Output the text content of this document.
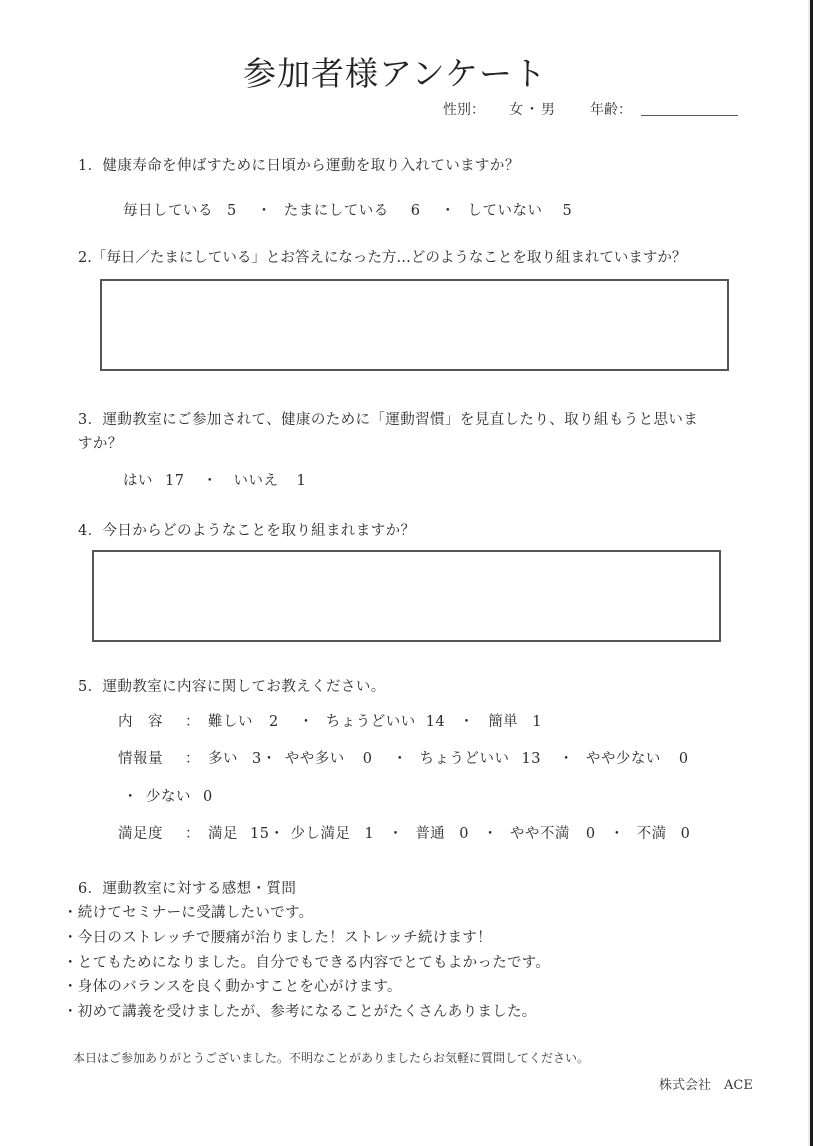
参加者様アンケート
性別： 女・男 年齢：
1．健康寿命を伸ばすために日頃から運動を取り入れていますか？
毎日している 5 ・ たまにしている 6 ・ していない 5
2.「毎日／たまにしている」とお答えになった方…どのようなことを取り組まれていますか？
3．運動教室にご参加されて、健康のために「運動習慣」を見直したり、取り組もうと思いま
すか？
はい 17 ・ いいえ 1
4．今日からどのようなことを取り組まれますか？
5．運動教室に内容に関してお教えください。
内　容 ： 難しい 2 ・ ちょうどいい 14 ・ 簡単 1
情報量 ： 多い 3・ やや多い 0 ・ ちょうどいい 13 ・ やや少ない 0
・ 少ない 0
満足度 ： 満足 15・ 少し満足 1 ・ 普通 0 ・ やや不満 0 ・ 不満 0
6．運動教室に対する感想・質問
・続けてセミナーに受講したいです。
・今日のストレッチで腰痛が治りました！ストレッチ続けます！
・とてもためになりました。自分でもできる内容でとてもよかったです。
・身体のバランスを良く動かすことを心がけます。
・初めて講義を受けましたが、参考になることがたくさんありました。
本日はご参加ありがとうございました。不明なことがありましたらお気軽に質問してください。
株式会社　ACE
